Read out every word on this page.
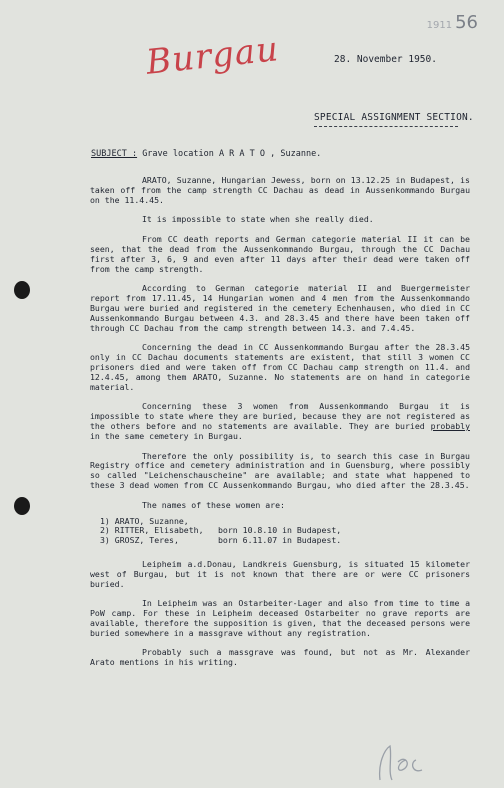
1911 56
Burgau	28. November 1950.
SPECIAL ASSIGNMENT SECTION.
SUBJECT : Grave location A R A T O , Suzanne.

ARATO, Suzanne, Hungarian Jewess, born on 13.12.25 in Budapest, is taken off from the camp strength CC Dachau as dead in Aussenkommando Burgau on the 11.4.45.

It is impossible to state when she really died.

From CC death reports and German categorie material II it can be seen, that the dead from the Aussenkommando Burgau, through the CC Dachau first after 3, 6, 9 and even after 11 days after their dead were taken off from the camp strength.

According to German categorie material II and Buergermeister report from 17.11.45, 14 Hungarian women and 4 men from the Aussenkommando Burgau were buried and registered in the cemetery Echenhausen, who died in CC Aussenkommando Burgau between 4.3. and 28.3.45 and there have been taken off through CC Dachau from the camp strength between 14.3. and 7.4.45.

Concerning the dead in CC Aussenkommando Burgau after the 28.3.45 only in CC Dachau documents statements are existent, that still 3 women CC prisoners died and were taken off from CC Dachau camp strength on 11.4. and 12.4.45, among them ARATO, Suzanne. No statements are on hand in categorie material.

Concerning these 3 women from Aussenkommando Burgau it is impossible to state where they are buried, because they are not registered as the others before and no statements are available. They are buried probably in the same cemetery in Burgau.

Therefore the only possibility is, to search this case in Burgau Registry office and cemetery administration and in Guensburg, where possibly so called "Leichenschauscheine" are available; and state what happened to these 3 dead women from CC Aussenkommando Burgau, who died after the 28.3.45.

The names of these women are:

1) ARATO, Suzanne,
2) RITTER, Elisabeth,	born 10.8.10 in Budapest,
3) GROSZ, Teres,	born 6.11.07 in Budapest.

Leipheim a.d.Donau, Landkreis Guensburg, is situated 15 kilometer west of Burgau, but it is not known that there are or were CC prisoners buried.

In Leipheim was an Ostarbeiter-Lager and also from time to time a PoW camp. For these in Leipheim deceased Ostarbeiter no grave reports are available, therefore the supposition is given, that the deceased persons were buried somewhere in a massgrave without any registration.

Probably such a massgrave was found, but not as Mr. Alexander Arato mentions in his writing.
